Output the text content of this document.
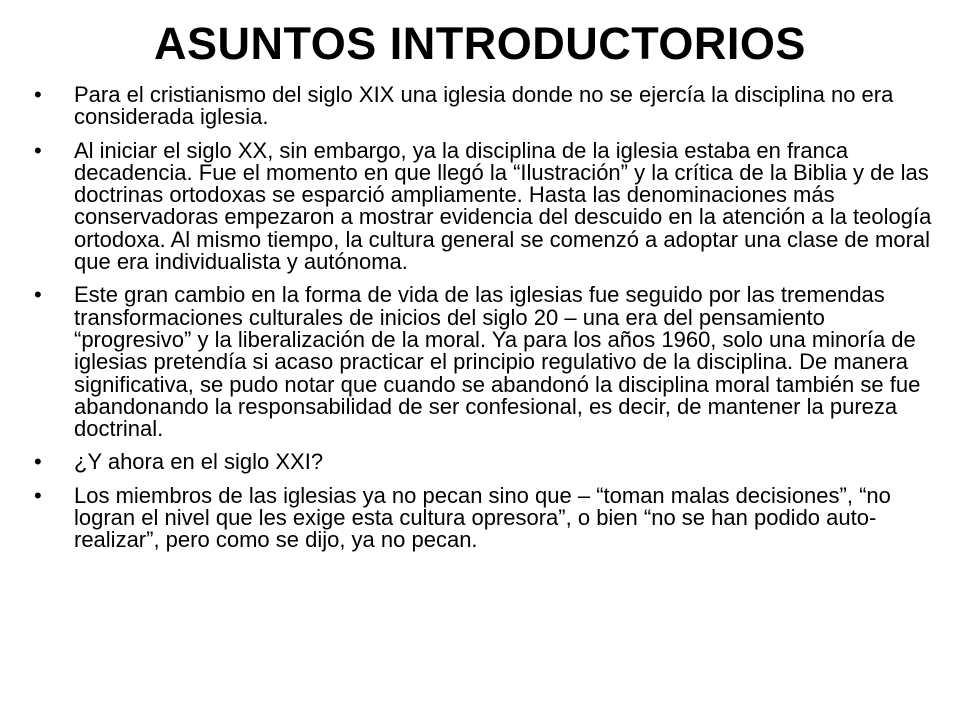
ASUNTOS INTRODUCTORIOS
• Para el cristianismo del siglo XIX una iglesia donde no se ejercía la disciplina no era considerada iglesia.
• Al iniciar el siglo XX, sin embargo, ya la disciplina de la iglesia estaba en franca decadencia. Fue el momento en que llegó la “Ilustración” y la crítica de la Biblia y de las doctrinas ortodoxas se esparció ampliamente. Hasta las denominaciones más conservadoras empezaron a mostrar evidencia del descuido en la atención a la teología ortodoxa. Al mismo tiempo, la cultura general se comenzó a adoptar una clase de moral que era individualista y autónoma.
• Este gran cambio en la forma de vida de las iglesias fue seguido por las tremendas transformaciones culturales de inicios del siglo 20 – una era del pensamiento “progresivo” y la liberalización de la moral. Ya para los años 1960, solo una minoría de iglesias pretendía si acaso practicar el principio regulativo de la disciplina. De manera significativa, se pudo notar que cuando se abandonó la disciplina moral también se fue abandonando la responsabilidad de ser confesional, es decir, de mantener la pureza doctrinal.
• ¿Y ahora en el siglo XXI?
• Los miembros de las iglesias ya no pecan sino que – “toman malas decisiones”, “no logran el nivel que les exige esta cultura opresora”, o bien “no se han podido auto- realizar”, pero como se dijo, ya no pecan.
